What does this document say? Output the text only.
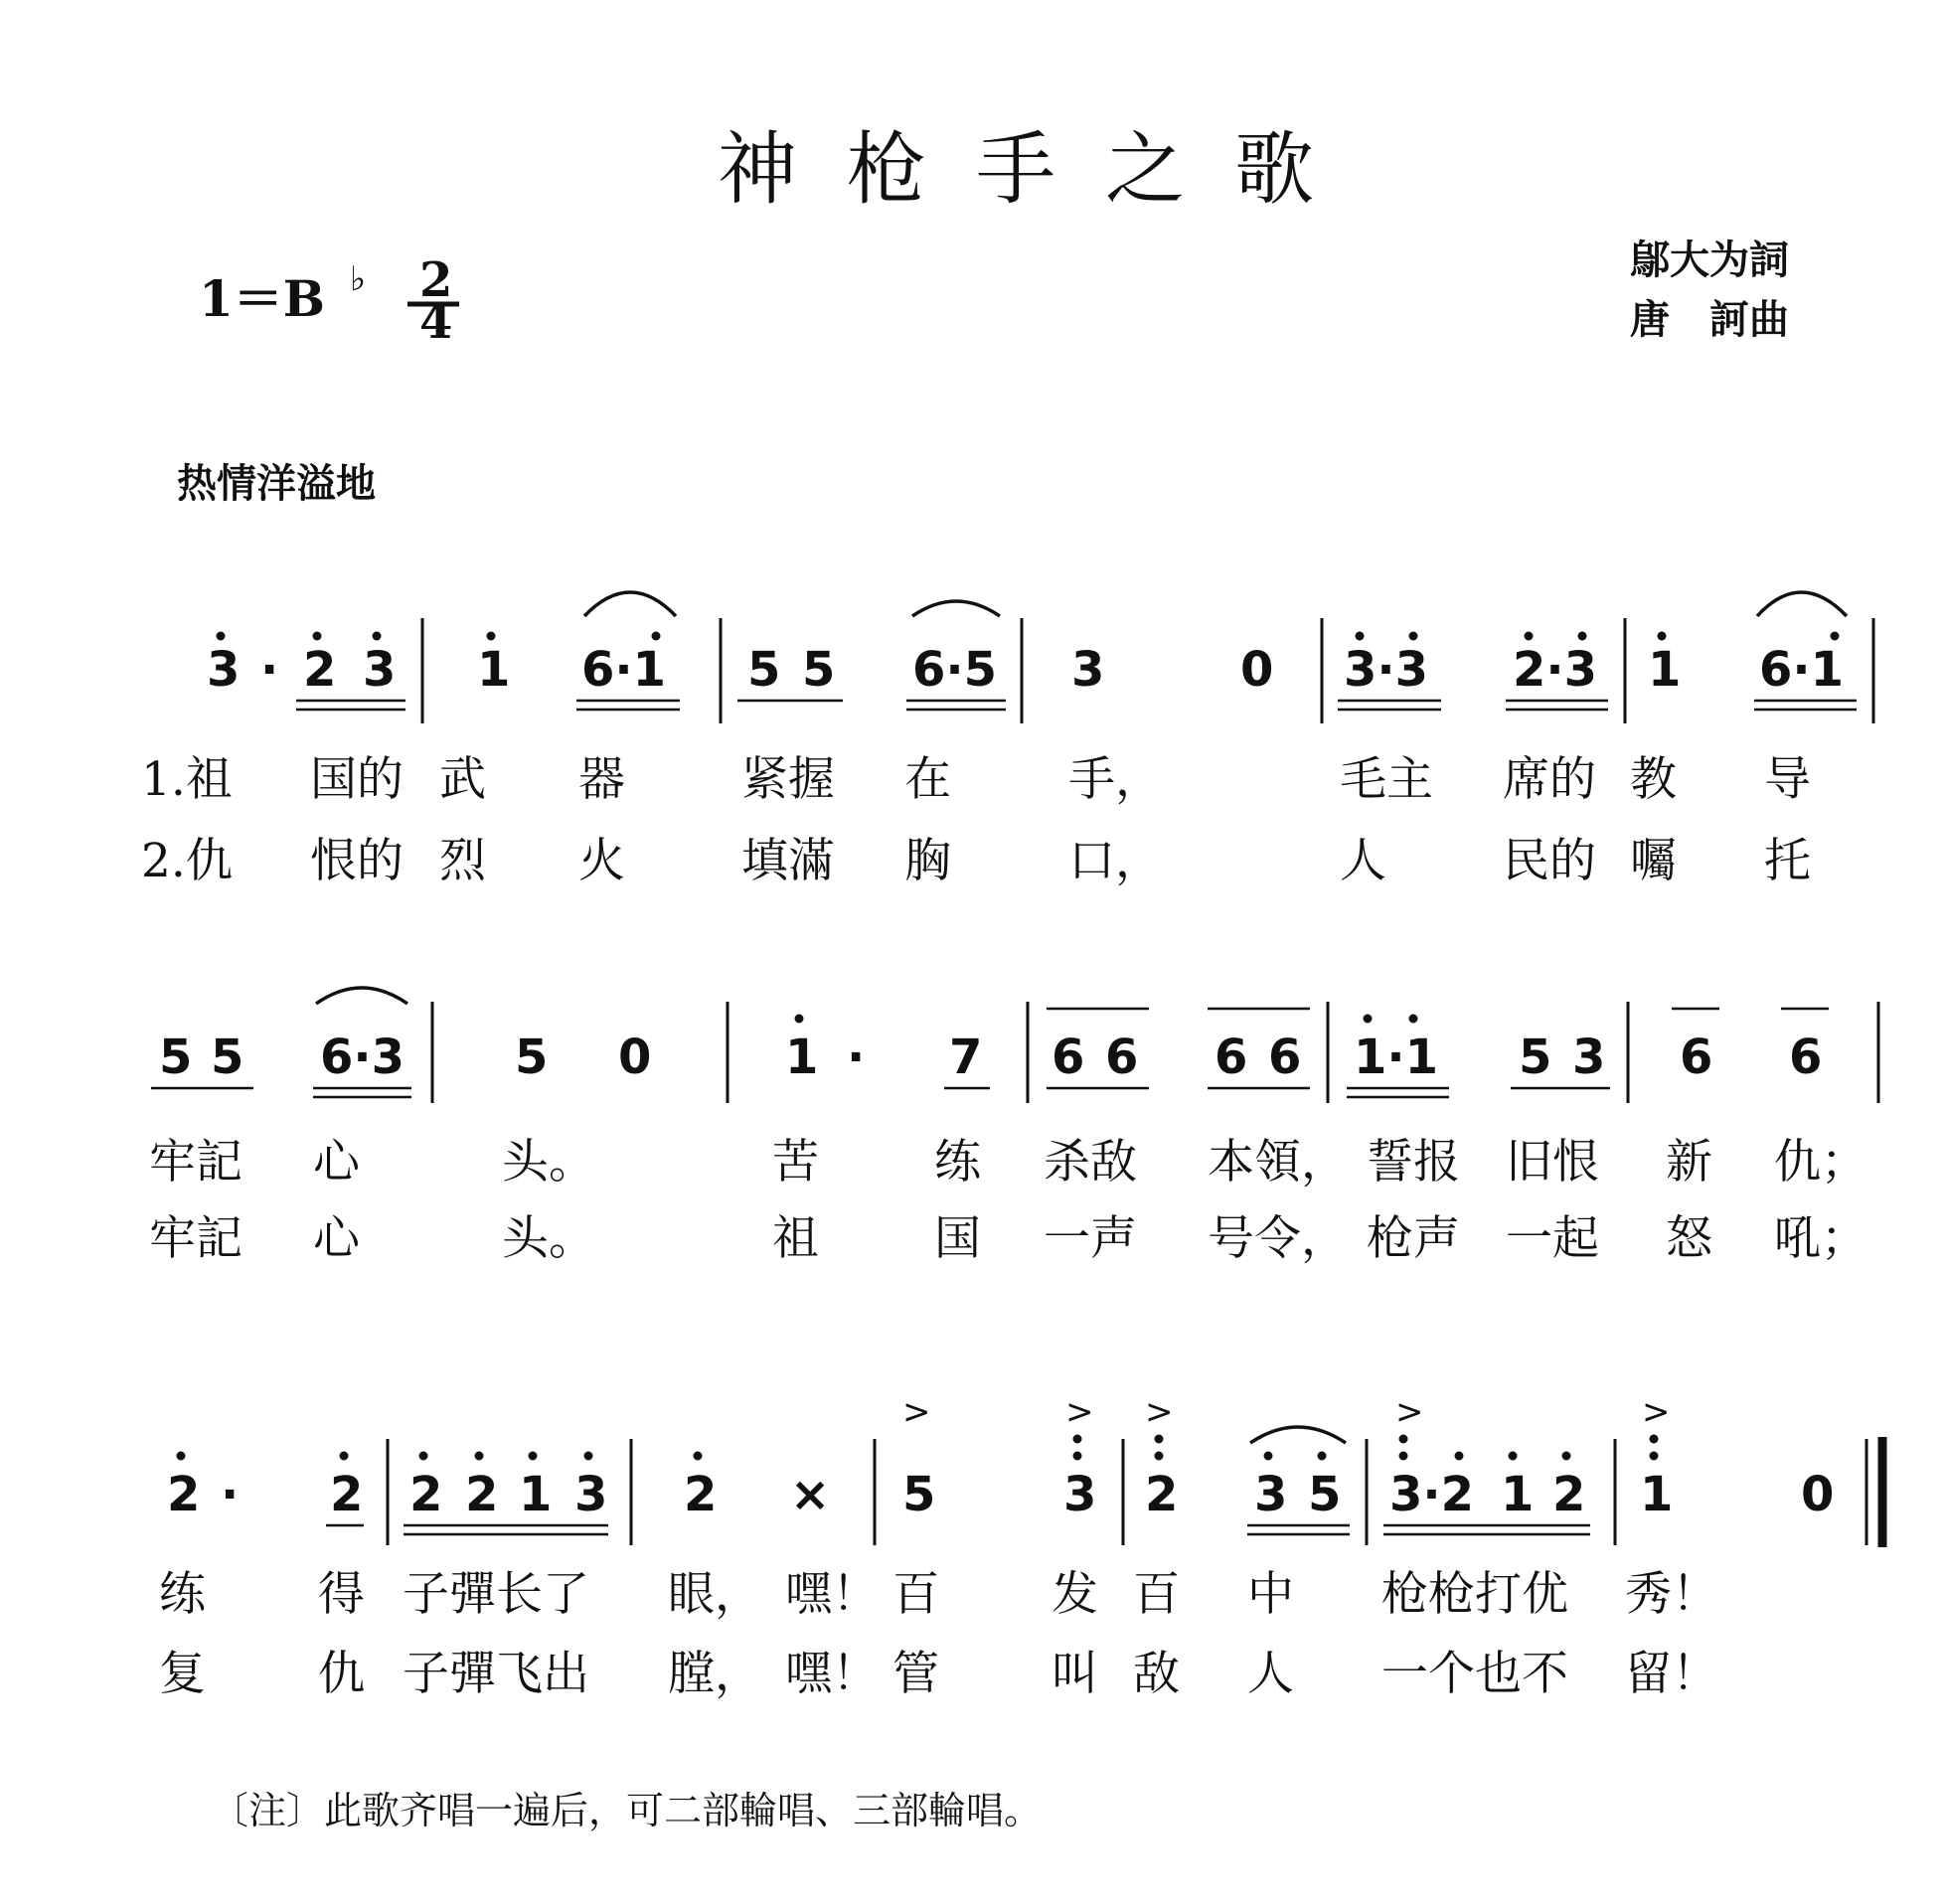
神枪手之歌
鄔大为詞
唐　訶曲
1＝B ♭ 2
4
热情洋溢地
3 · 2 3 1 6·1 5 5 6·5 3	0 3·3 2·3 1 6·1
1.祖 国的 武 器 紧握 在	手，	毛主 席的 教 导
2.仇 恨的 烈 火 填滿 胸	口，	人 民的 囑 托
5 5 6·3 5 0	1 · 7 6 6 6 6 1·1 5 3 6 6
牢記 心	头。	苦 练 杀敌 本領， 誓报 旧恨 新 仇；
牢記 心	头。	祖 国 一声 号令， 枪声 一起 怒 吼；
>	> >	>	>
2 · 2 2 2 1 3 2 × 5	3 2 3 5 3·2 1 2 1	0
练 得 子彈长了 眼， 嘿！ 百 发 百 中 枪枪打优 秀！
复 仇 子彈飞出 膛， 嘿！ 管 叫 敌 人 一个也不 留！
〔注〕此歌齐唱一遍后，可二部輪唱、三部輪唱。
